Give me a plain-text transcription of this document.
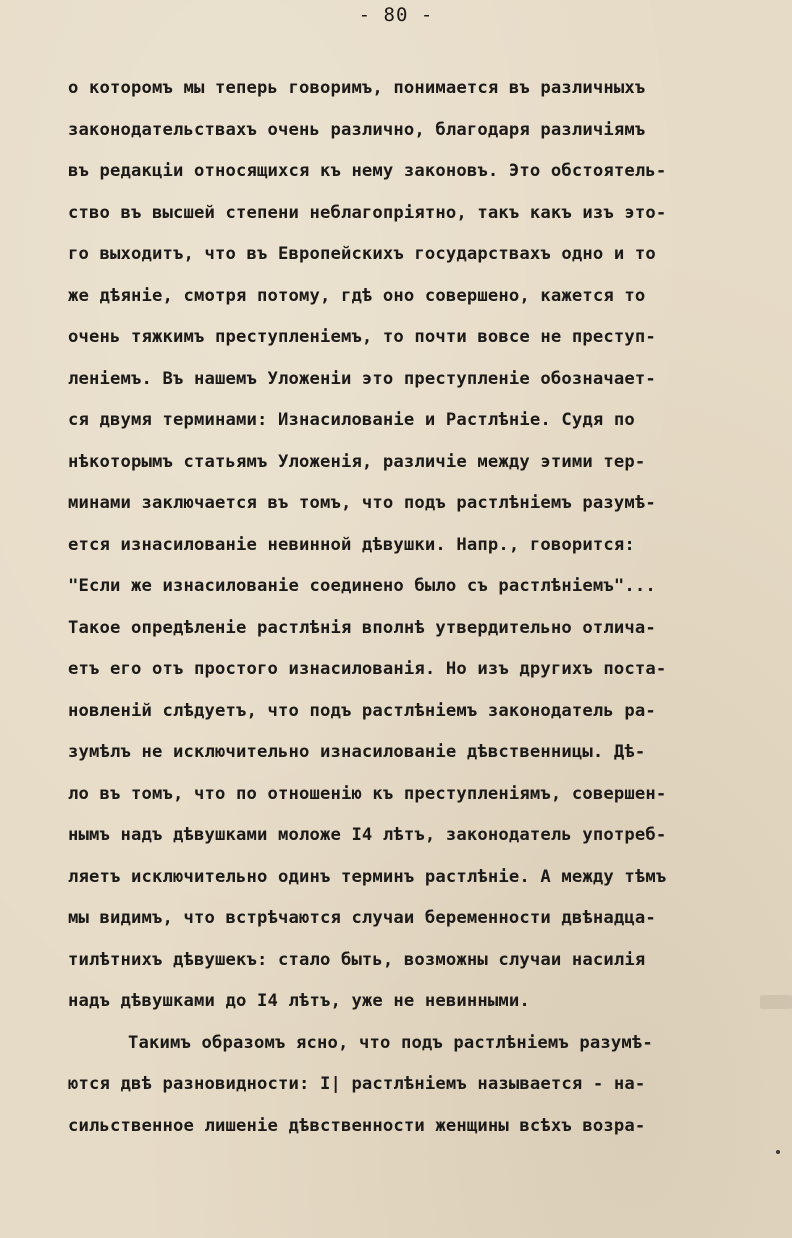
- 80 -
о которомъ мы теперь говоримъ, понимается въ различныхъ
законодательствахъ очень различно, благодаря различiямъ
въ редакцiи относящихся къ нему законовъ. Это обстоятель-
ство въ высшей степени неблагопрiятно, такъ какъ изъ это-
го выходитъ, что въ Европейскихъ государствахъ одно и то
же дѣянiе, смотря потому, гдѣ оно совершено, кажется то
очень тяжкимъ преступленiемъ, то почти вовсе не преступ-
ленiемъ. Въ нашемъ Уложенiи это преступленiе обозначает-
ся двумя терминами: Изнасилованiе и Растлѣнiе. Судя по
нѣкоторымъ статьямъ Уложенiя, различiе между этими тер-
минами заключается въ томъ, что подъ растлѣнiемъ разумѣ-
ется изнасилованiе невинной дѣвушки. Напр., говорится:
"Если же изнасилованiе соединено было съ растлѣнiемъ"...
Такое опредѣленiе растлѣнiя вполнѣ утвердительно отлича-
етъ его отъ простого изнасилованiя. Но изъ другихъ поста-
новленiй слѣдуетъ, что подъ растлѣнiемъ законодатель ра-
зумѣлъ не исключительно изнасилованiе дѣвственницы. Дѣ-
ло въ томъ, что по отношенiю къ преступленiямъ, совершен-
нымъ надъ дѣвушками моложе I4 лѣтъ, законодатель употреб-
ляетъ исключительно одинъ терминъ растлѣнiе. А между тѣмъ
мы видимъ, что встрѣчаются случаи беременности двѣнадца-
тилѣтнихъ дѣвушекъ: стало быть, возможны случаи насилiя
надъ дѣвушками до I4 лѣтъ, уже не невинными.
Такимъ образомъ ясно, что подъ растлѣнiемъ разумѣ-
ются двѣ разновидности: I| растлѣнiемъ называется - на-
сильственное лишенiе дѣвственности женщины всѣхъ возра-
